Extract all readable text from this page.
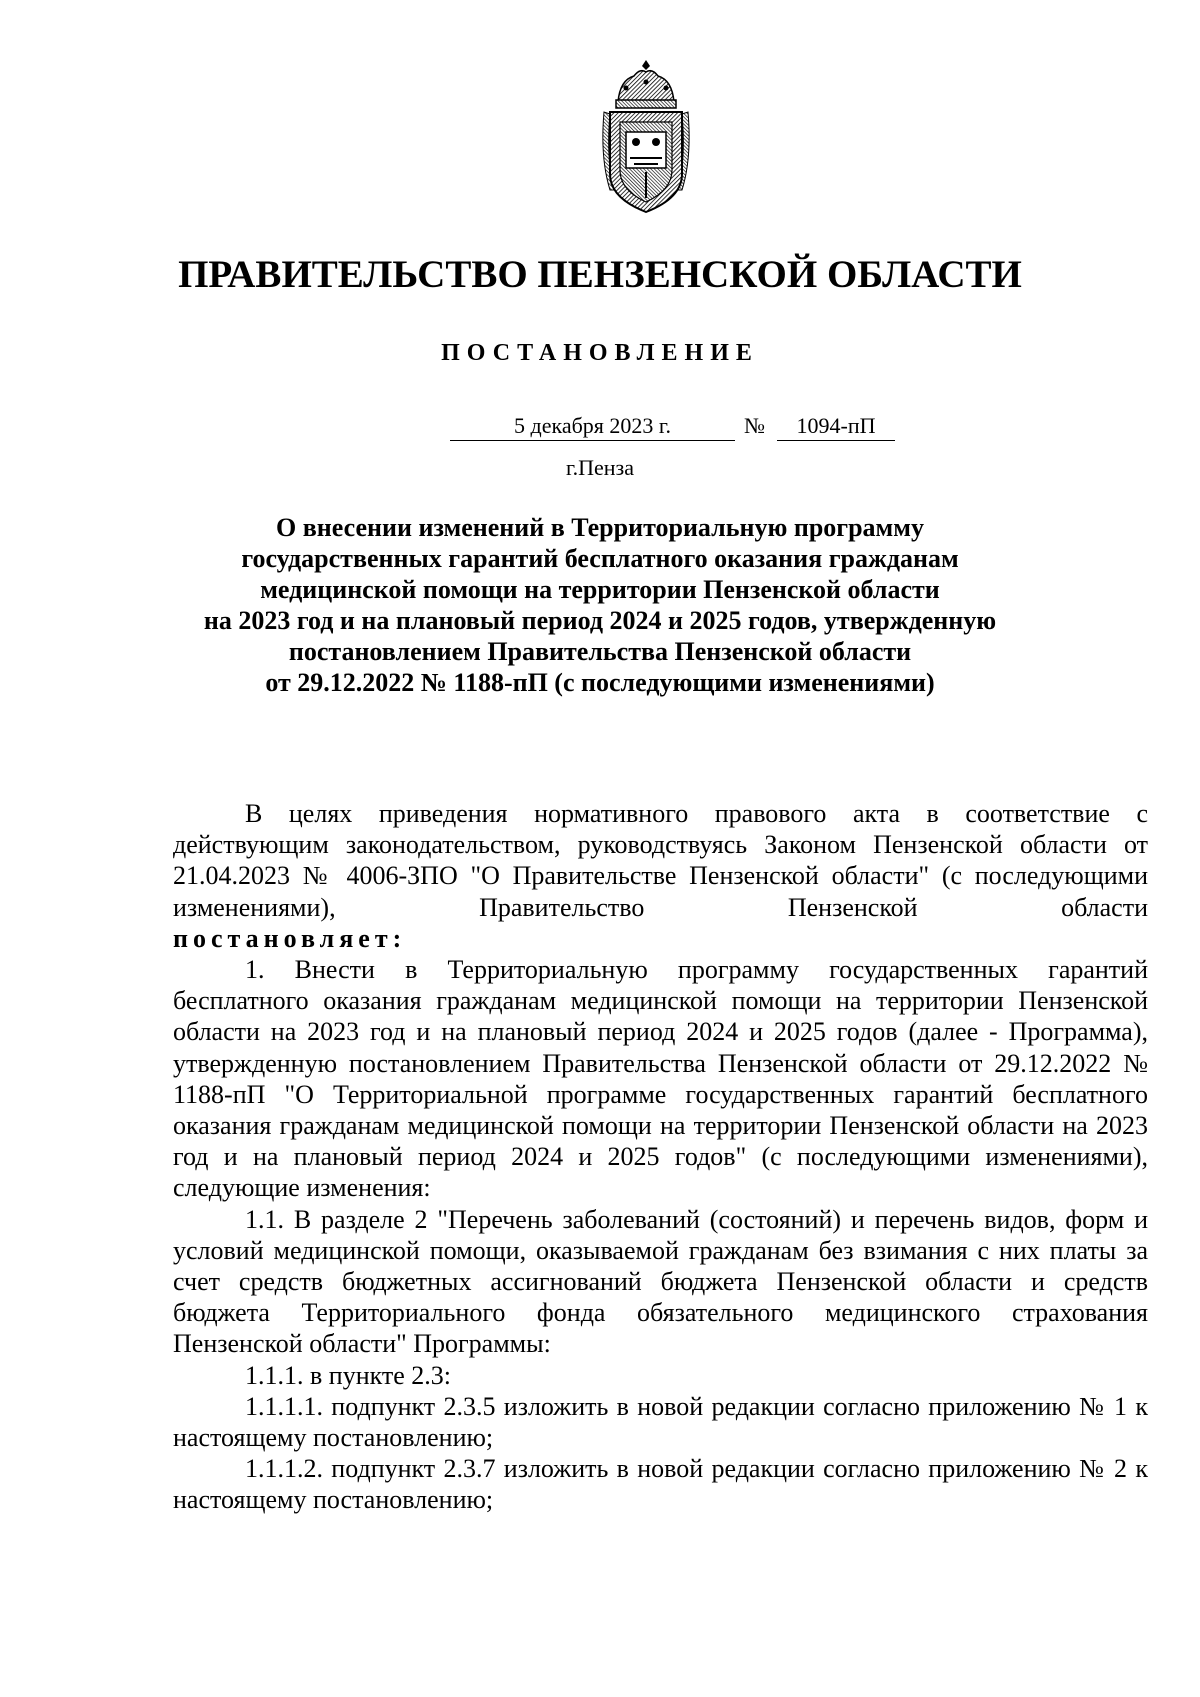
ПРАВИТЕЛЬСТВО ПЕНЗЕНСКОЙ ОБЛАСТИ
ПОСТАНОВЛЕНИЕ
5 декабря 2023 г.	№	1094-пП
г.Пенза
О внесении изменений в Территориальную программу
государственных гарантий бесплатного оказания гражданам
медицинской помощи на территории Пензенской области
на 2023 год и на плановый период 2024 и 2025 годов, утвержденную
постановлением Правительства Пензенской области
от 29.12.2022 № 1188-пП (с последующими изменениями)

В целях приведения нормативного правового акта в соответствие с действующим законодательством, руководствуясь Законом Пензенской области от 21.04.2023 № 4006-ЗПО "О Правительстве Пензенской области" (с последующими изменениями), Правительство Пензенской области

постановляет:

1. Внести в Территориальную программу государственных гарантий бесплатного оказания гражданам медицинской помощи на территории Пензенской области на 2023 год и на плановый период 2024 и 2025 годов (далее - Программа), утвержденную постановлением Правительства Пензенской области от 29.12.2022 № 1188-пП "О Территориальной программе государственных гарантий бесплатного оказания гражданам медицинской помощи на территории Пензенской области на 2023 год и на плановый период 2024 и 2025 годов" (с последующими изменениями), следующие изменения:

1.1. В разделе 2 "Перечень заболеваний (состояний) и перечень видов, форм и условий медицинской помощи, оказываемой гражданам без взимания с них платы за счет средств бюджетных ассигнований бюджета Пензенской области и средств бюджета Территориального фонда обязательного медицинского страхования Пензенской области" Программы:

1.1.1. в пункте 2.3:

1.1.1.1. подпункт 2.3.5 изложить в новой редакции согласно приложению № 1 к настоящему постановлению;

1.1.1.2. подпункт 2.3.7 изложить в новой редакции согласно приложению № 2 к настоящему постановлению;
